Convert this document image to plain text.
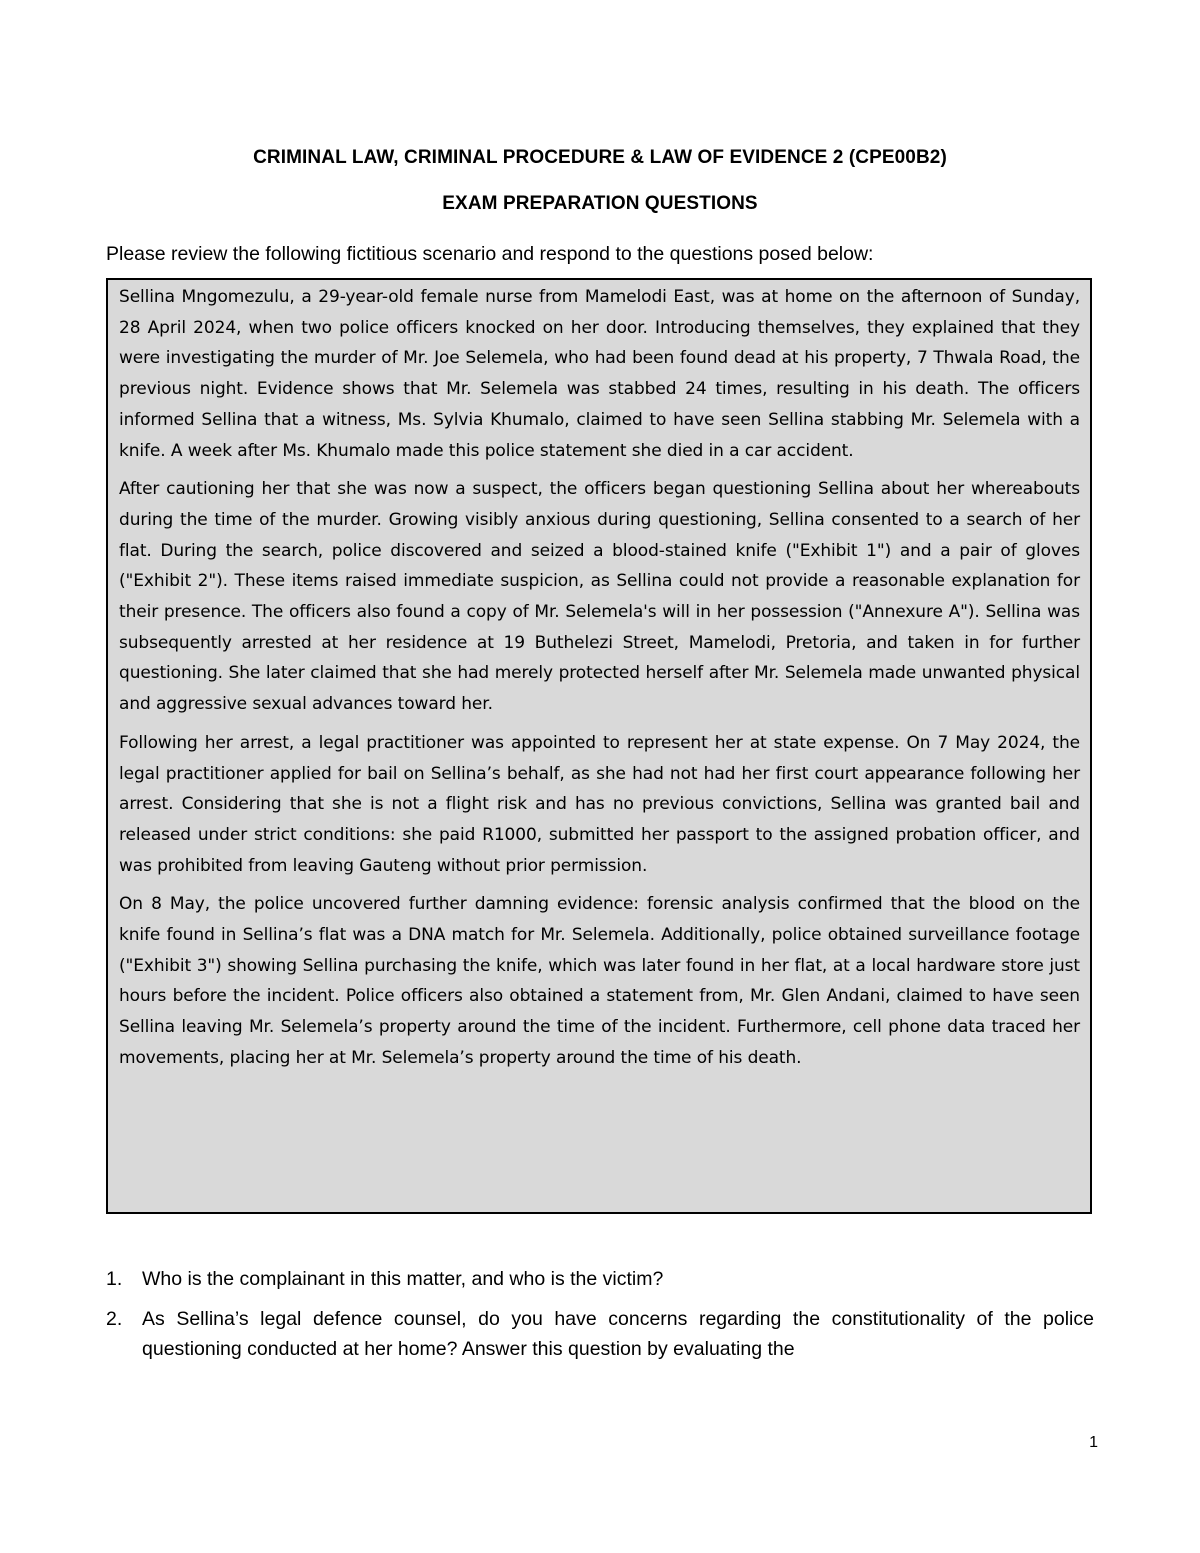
CRIMINAL LAW, CRIMINAL PROCEDURE & LAW OF EVIDENCE 2 (CPE00B2)
EXAM PREPARATION QUESTIONS
Please review the following fictitious scenario and respond to the questions posed below:

Sellina Mngomezulu, a 29-year-old female nurse from Mamelodi East, was at home on the afternoon of Sunday, 28 April 2024, when two police officers knocked on her door. Introducing themselves, they explained that they were investigating the murder of Mr. Joe Selemela, who had been found dead at his property, 7 Thwala Road, the previous night. Evidence shows that Mr. Selemela was stabbed 24 times, resulting in his death. The officers informed Sellina that a witness, Ms. Sylvia Khumalo, claimed to have seen Sellina stabbing Mr. Selemela with a knife. A week after Ms. Khumalo made this police statement she died in a car accident.

After cautioning her that she was now a suspect, the officers began questioning Sellina about her whereabouts during the time of the murder. Growing visibly anxious during questioning, Sellina consented to a search of her flat. During the search, police discovered and seized a blood-stained knife ("Exhibit 1") and a pair of gloves ("Exhibit 2"). These items raised immediate suspicion, as Sellina could not provide a reasonable explanation for their presence. The officers also found a copy of Mr. Selemela's will in her possession ("Annexure A"). Sellina was subsequently arrested at her residence at 19 Buthelezi Street, Mamelodi, Pretoria, and taken in for further questioning. She later claimed that she had merely protected herself after Mr. Selemela made unwanted physical and aggressive sexual advances toward her.

Following her arrest, a legal practitioner was appointed to represent her at state expense. On 7 May 2024, the legal practitioner applied for bail on Sellina’s behalf, as she had not had her first court appearance following her arrest. Considering that she is not a flight risk and has no previous convictions, Sellina was granted bail and released under strict conditions: she paid R1000, submitted her passport to the assigned probation officer, and was prohibited from leaving Gauteng without prior permission.

On 8 May, the police uncovered further damning evidence: forensic analysis confirmed that the blood on the knife found in Sellina’s flat was a DNA match for Mr. Selemela. Additionally, police obtained surveillance footage ("Exhibit 3") showing Sellina purchasing the knife, which was later found in her flat, at a local hardware store just hours before the incident. Police officers also obtained a statement from, Mr. Glen Andani, claimed to have seen Sellina leaving Mr. Selemela’s property around the time of the incident. Furthermore, cell phone data traced her movements, placing her at Mr. Selemela’s property around the time of his death.

1. Who is the complainant in this matter, and who is the victim?
2. As Sellina’s legal defence counsel, do you have concerns regarding the constitutionality of the police questioning conducted at her home? Answer this question by evaluating the
1
